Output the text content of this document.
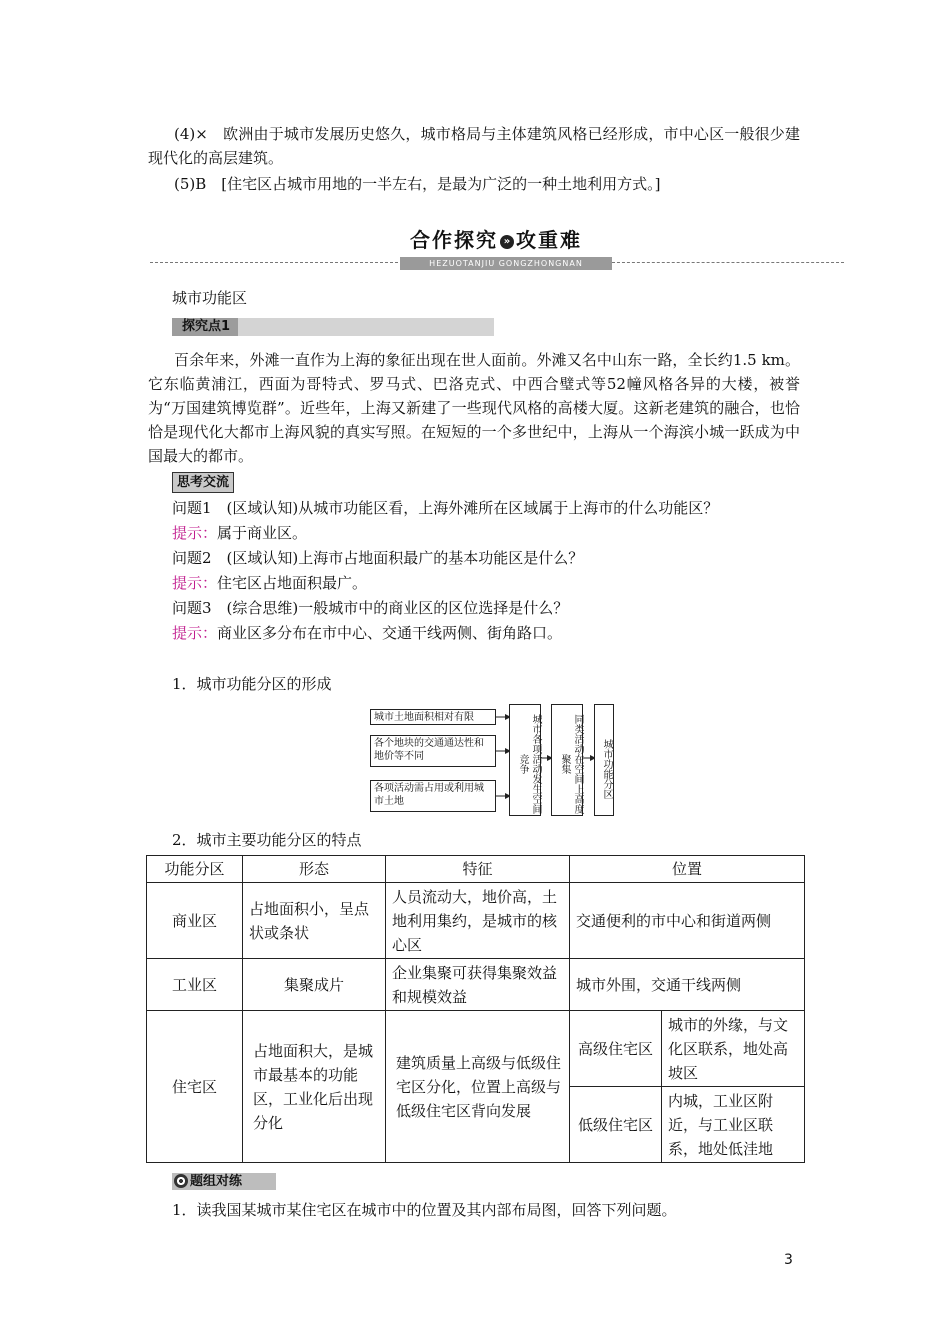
(4)×　欧洲由于城市发展历史悠久，城市格局与主体建筑风格已经形成，市中心区一般很少建现代化的高层建筑。
(5)B　[住宅区占城市用地的一半左右，是最为广泛的一种土地利用方式。]
合作探究 » 攻重难
HEZUOTANJIU GONGZHONGNAN
城市功能区
探究点1
百余年来，外滩一直作为上海的象征出现在世人面前。外滩又名中山东一路，全长约1.5 km。它东临黄浦江，西面为哥特式、罗马式、巴洛克式、中西合璧式等52幢风格各异的大楼，被誉为“万国建筑博览群”。近些年，上海又新建了一些现代风格的高楼大厦。这新老建筑的融合，也恰恰是现代化大都市上海风貌的真实写照。在短短的一个多世纪中，上海从一个海滨小城一跃成为中国最大的都市。
思考交流
问题1　(区域认知)从城市功能区看，上海外滩所在区域属于上海市的什么功能区？
提示：属于商业区。
问题2　(区域认知)上海市占地面积最广的基本功能区是什么？
提示：住宅区占地面积最广。
问题3　(综合思维)一般城市中的商业区的区位选择是什么？
提示：商业区多分布在市中心、交通干线两侧、街角路口。
1．城市功能分区的形成
城市土地面积相对有限
各个地块的交通通达性和地价等不同
各项活动需占用或利用城市土地	城市各项活动发生空间竞争	同类活动在空间上高度聚集	城市功能分区
2．城市主要功能分区的特点
功能分区	形态	特征	位置	
商业区	占地面积小，呈点状或条状	人员流动大，地价高，土地利用集约，是城市的核心区	交通便利的市中心和街道两侧	
工业区	集聚成片	企业集聚可获得集聚效益和规模效益	城市外围，交通干线两侧	
住宅区	占地面积大，是城市最基本的功能区，工业化后出现分化	建筑质量上高级与低级住宅区分化，位置上高级与低级住宅区背向发展	高级住宅区	城市的外缘，与文化区联系，地处高坡区
			低级住宅区	内城，工业区附近，与工业区联系，地处低洼地
题组对练
1．读我国某城市某住宅区在城市中的位置及其内部布局图，回答下列问题。
3
